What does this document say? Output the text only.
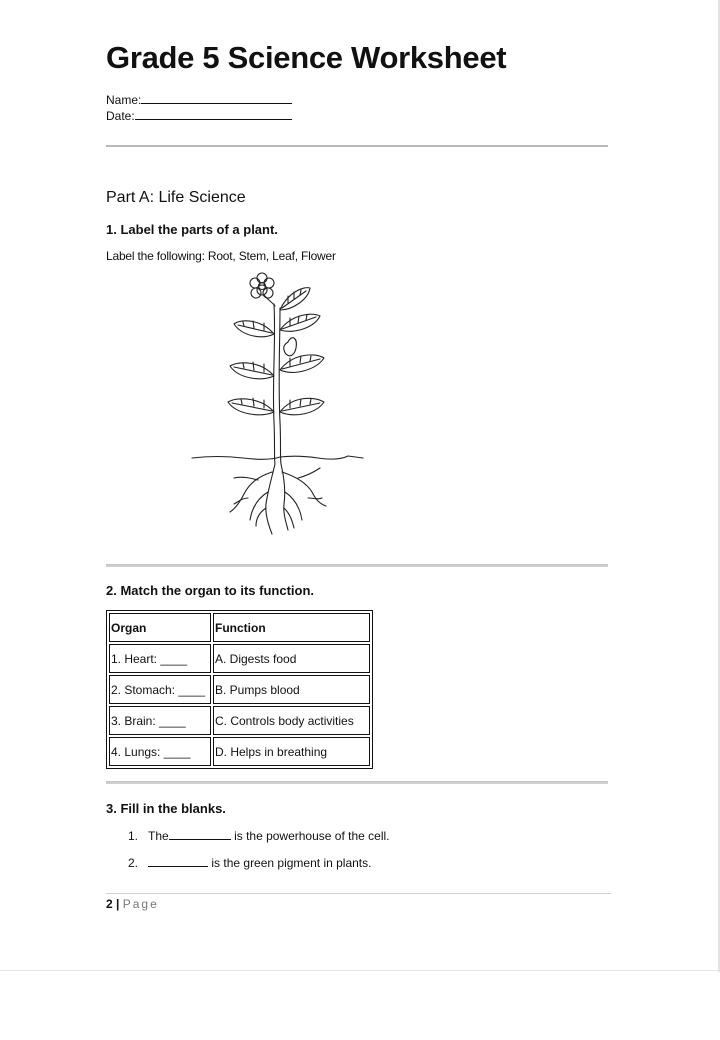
Grade 5 Science Worksheet
Name:
Date:
Part A: Life Science
1. Label the parts of a plant.
Label the following: Root, Stem, Leaf, Flower
2. Match the organ to its function.
Organ	Function
1. Heart: ____	A. Digests food
2. Stomach: ____	B. Pumps blood
3. Brain: ____	C. Controls body activities
4. Lungs: ____	D. Helps in breathing
3. Fill in the blanks.
1. The	is the powerhouse of the cell.
2.	is the green pigment in plants.
2 | Page
